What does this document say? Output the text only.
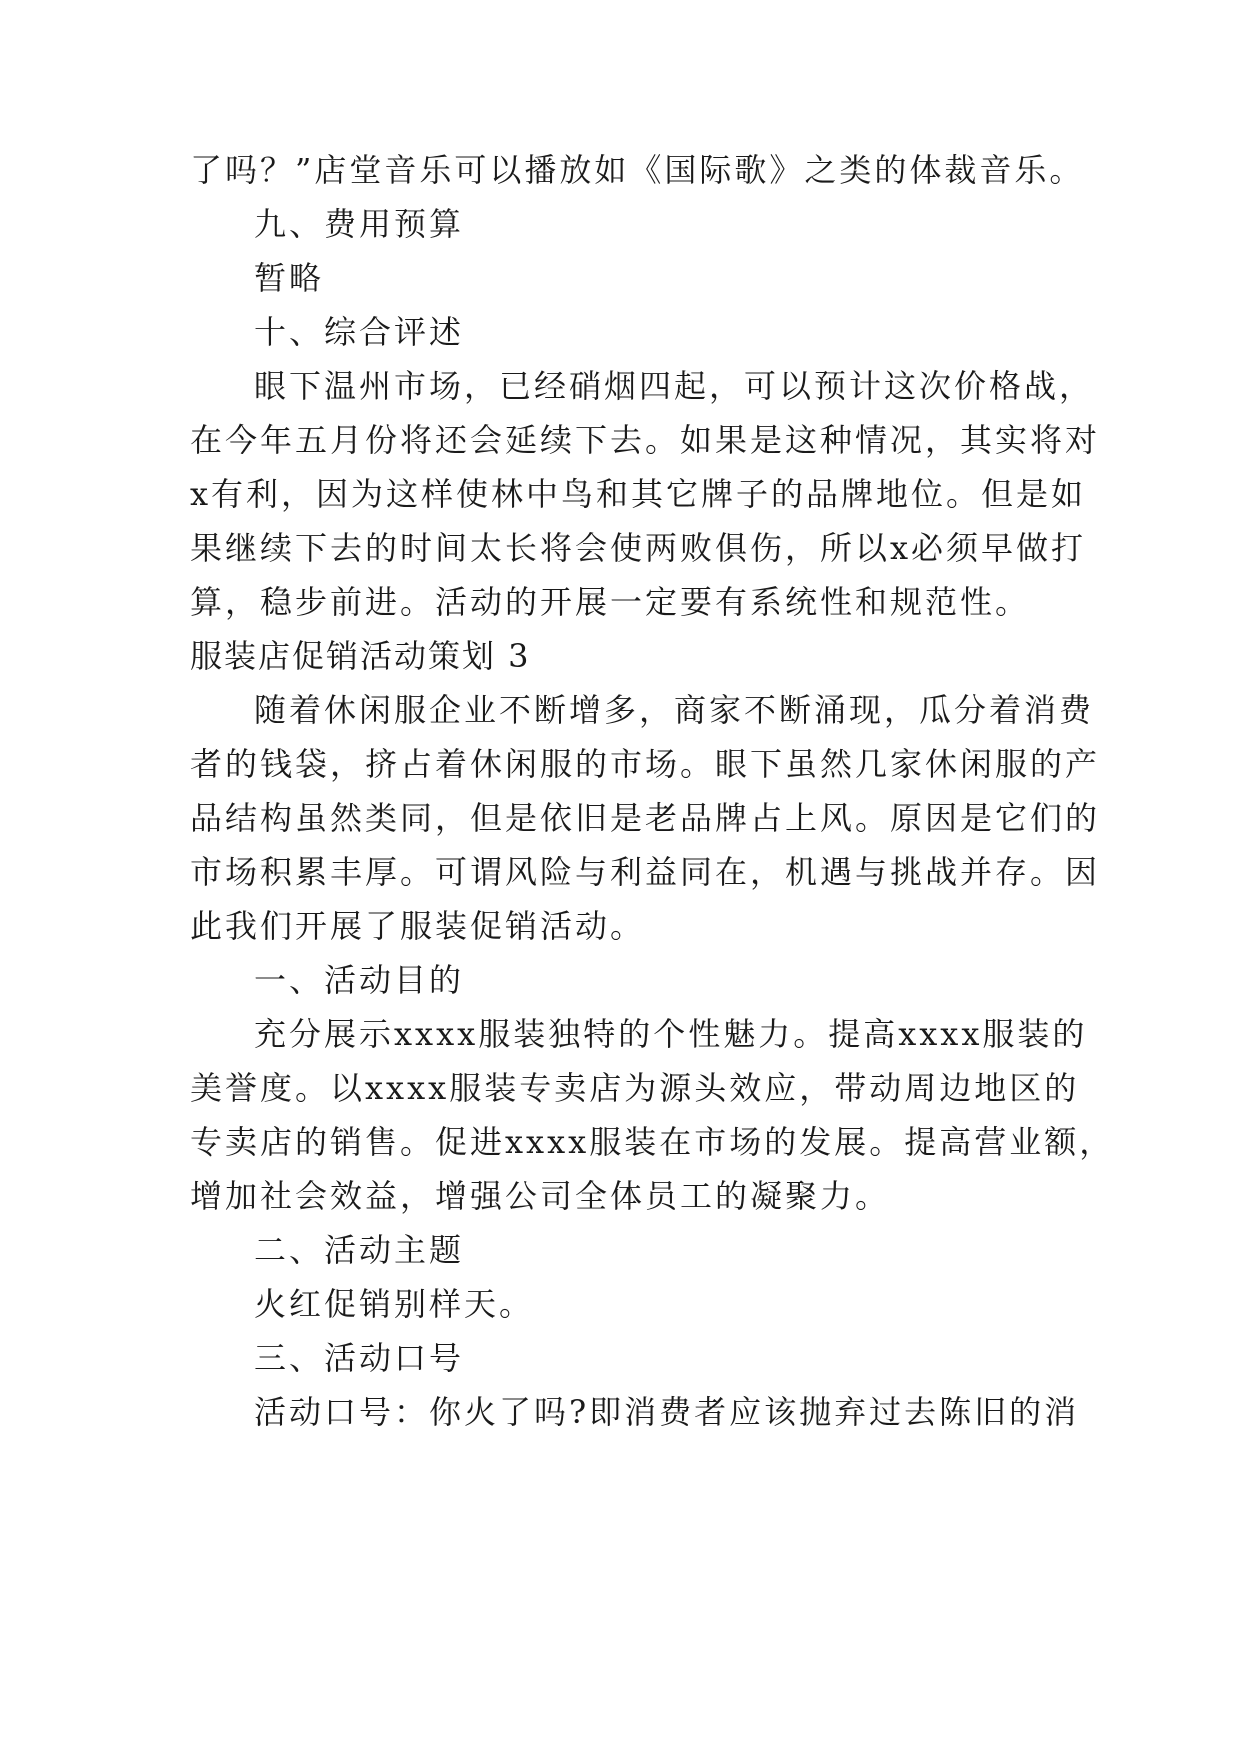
了吗？”店堂音乐可以播放如《国际歌》之类的体裁音乐。
九、费用预算
暂略
十、综合评述
眼下温州市场，已经硝烟四起，可以预计这次价格战，
在今年五月份将还会延续下去。如果是这种情况，其实将对
x有利，因为这样使林中鸟和其它牌子的品牌地位。但是如
果继续下去的时间太长将会使两败俱伤，所以x必须早做打
算，稳步前进。活动的开展一定要有系统性和规范性。
服装店促销活动策划 3
随着休闲服企业不断增多，商家不断涌现，瓜分着消费
者的钱袋，挤占着休闲服的市场。眼下虽然几家休闲服的产
品结构虽然类同，但是依旧是老品牌占上风。原因是它们的
市场积累丰厚。可谓风险与利益同在，机遇与挑战并存。因
此我们开展了服装促销活动。
一、活动目的
充分展示xxxx服装独特的个性魅力。提高xxxx服装的
美誉度。以xxxx服装专卖店为源头效应，带动周边地区的
专卖店的销售。促进xxxx服装在市场的发展。提高营业额，
增加社会效益，增强公司全体员工的凝聚力。
二、活动主题
火红促销别样天。
三、活动口号
活动口号：你火了吗?即消费者应该抛弃过去陈旧的消
